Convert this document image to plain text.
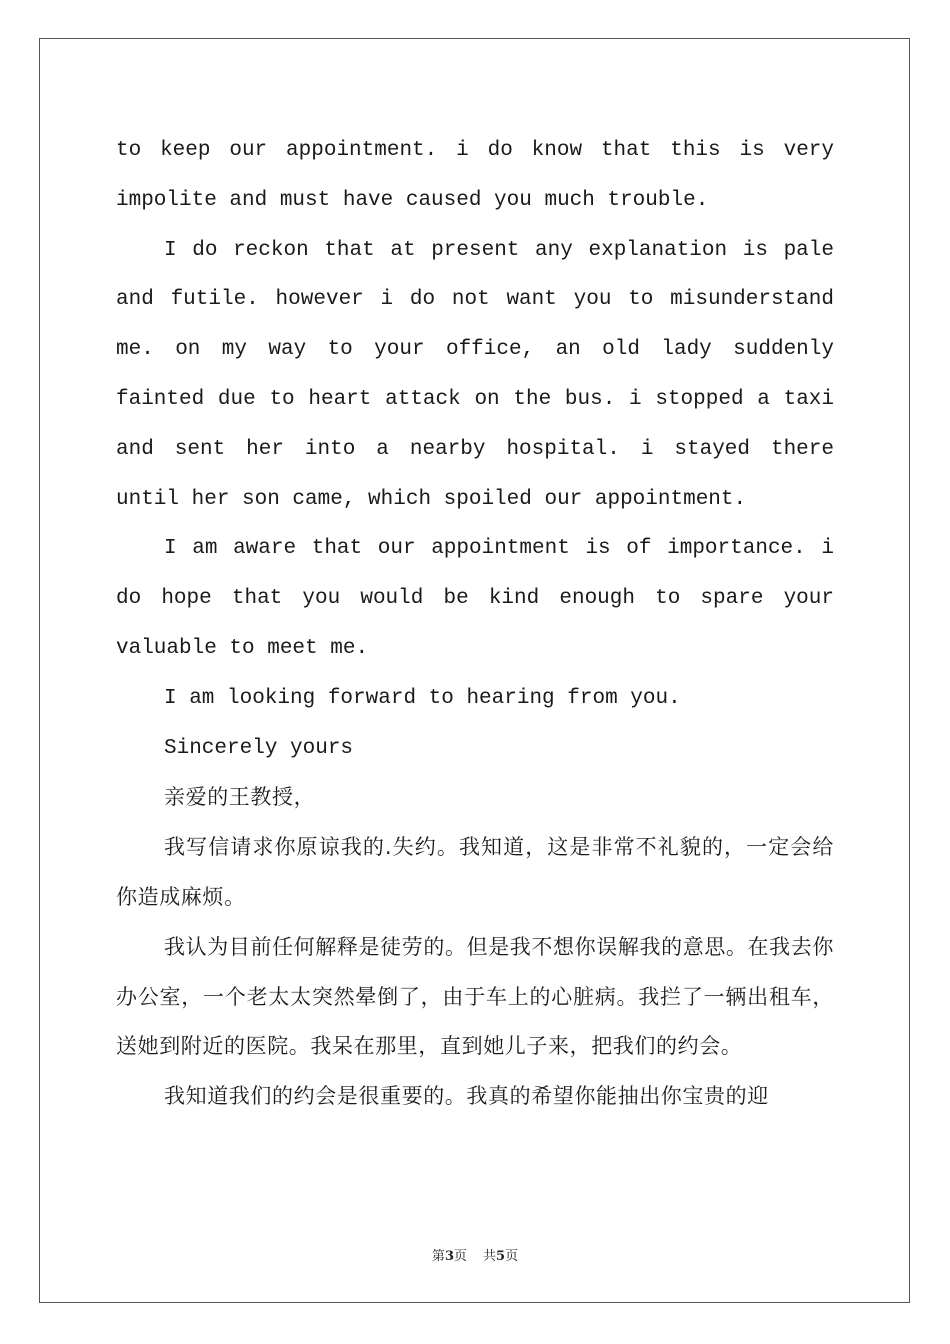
to keep our appointment. i do know that this is very impolite and must have caused you much trouble.

I do reckon that at present any explanation is pale and futile. however i do not want you to misunderstand me. on my way to your office, an old lady suddenly fainted due to heart attack on the bus. i stopped a taxi and sent her into a nearby hospital. i stayed there until her son came, which spoiled our appointment.

I am aware that our appointment is of importance. i do hope that you would be kind enough to spare your valuable to meet me.

I am looking forward to hearing from you.

Sincerely yours

亲爱的王教授，

我写信请求你原谅我的.失约。我知道，这是非常不礼貌的，一定会给你造成麻烦。

我认为目前任何解释是徒劳的。但是我不想你误解我的意思。在我去你办公室，一个老太太突然晕倒了，由于车上的心脏病。我拦了一辆出租车，送她到附近的医院。我呆在那里，直到她儿子来，把我们的约会。

我知道我们的约会是很重要的。我真的希望你能抽出你宝贵的迎

第3页 共5页
